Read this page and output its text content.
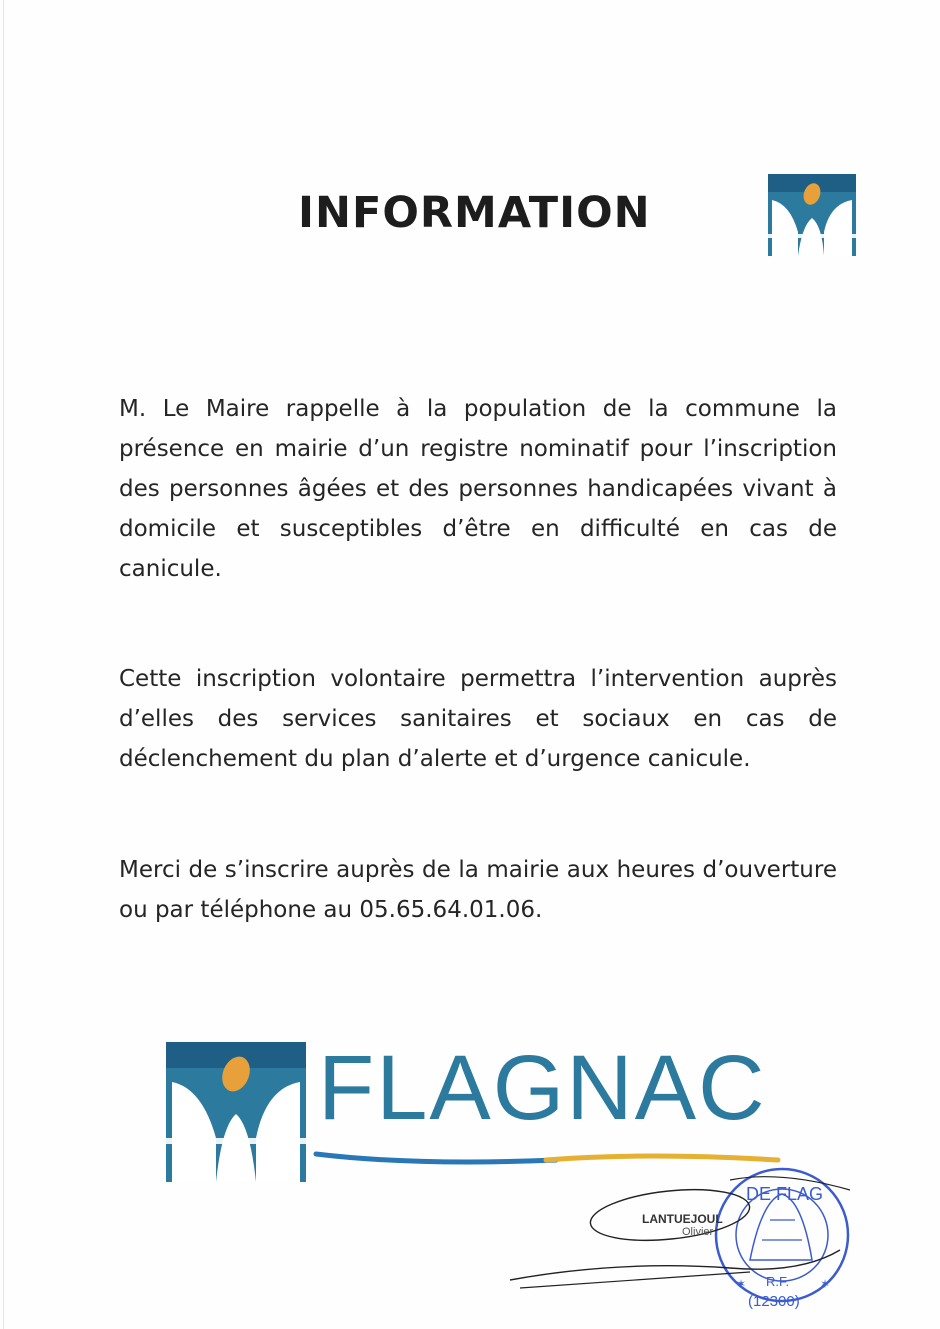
INFORMATION

M. Le Maire rappelle à la population de la commune la présence en mairie d’un registre nominatif pour l’inscription des personnes âgées et des personnes handicapées vivant à domicile et susceptibles d’être en difficulté en cas de canicule.

Cette inscription volontaire permettra l’intervention auprès d’elles des services sanitaires et sociaux en cas de déclenchement du plan d’alerte et d’urgence canicule.

Merci de s’inscrire auprès de la mairie aux heures d’ouverture ou par téléphone au 05.65.64.01.06.

FLAGNAC
✶	✶
R.F.
(12300)
DE FLAG
LANTUEJOUL
Olivier
